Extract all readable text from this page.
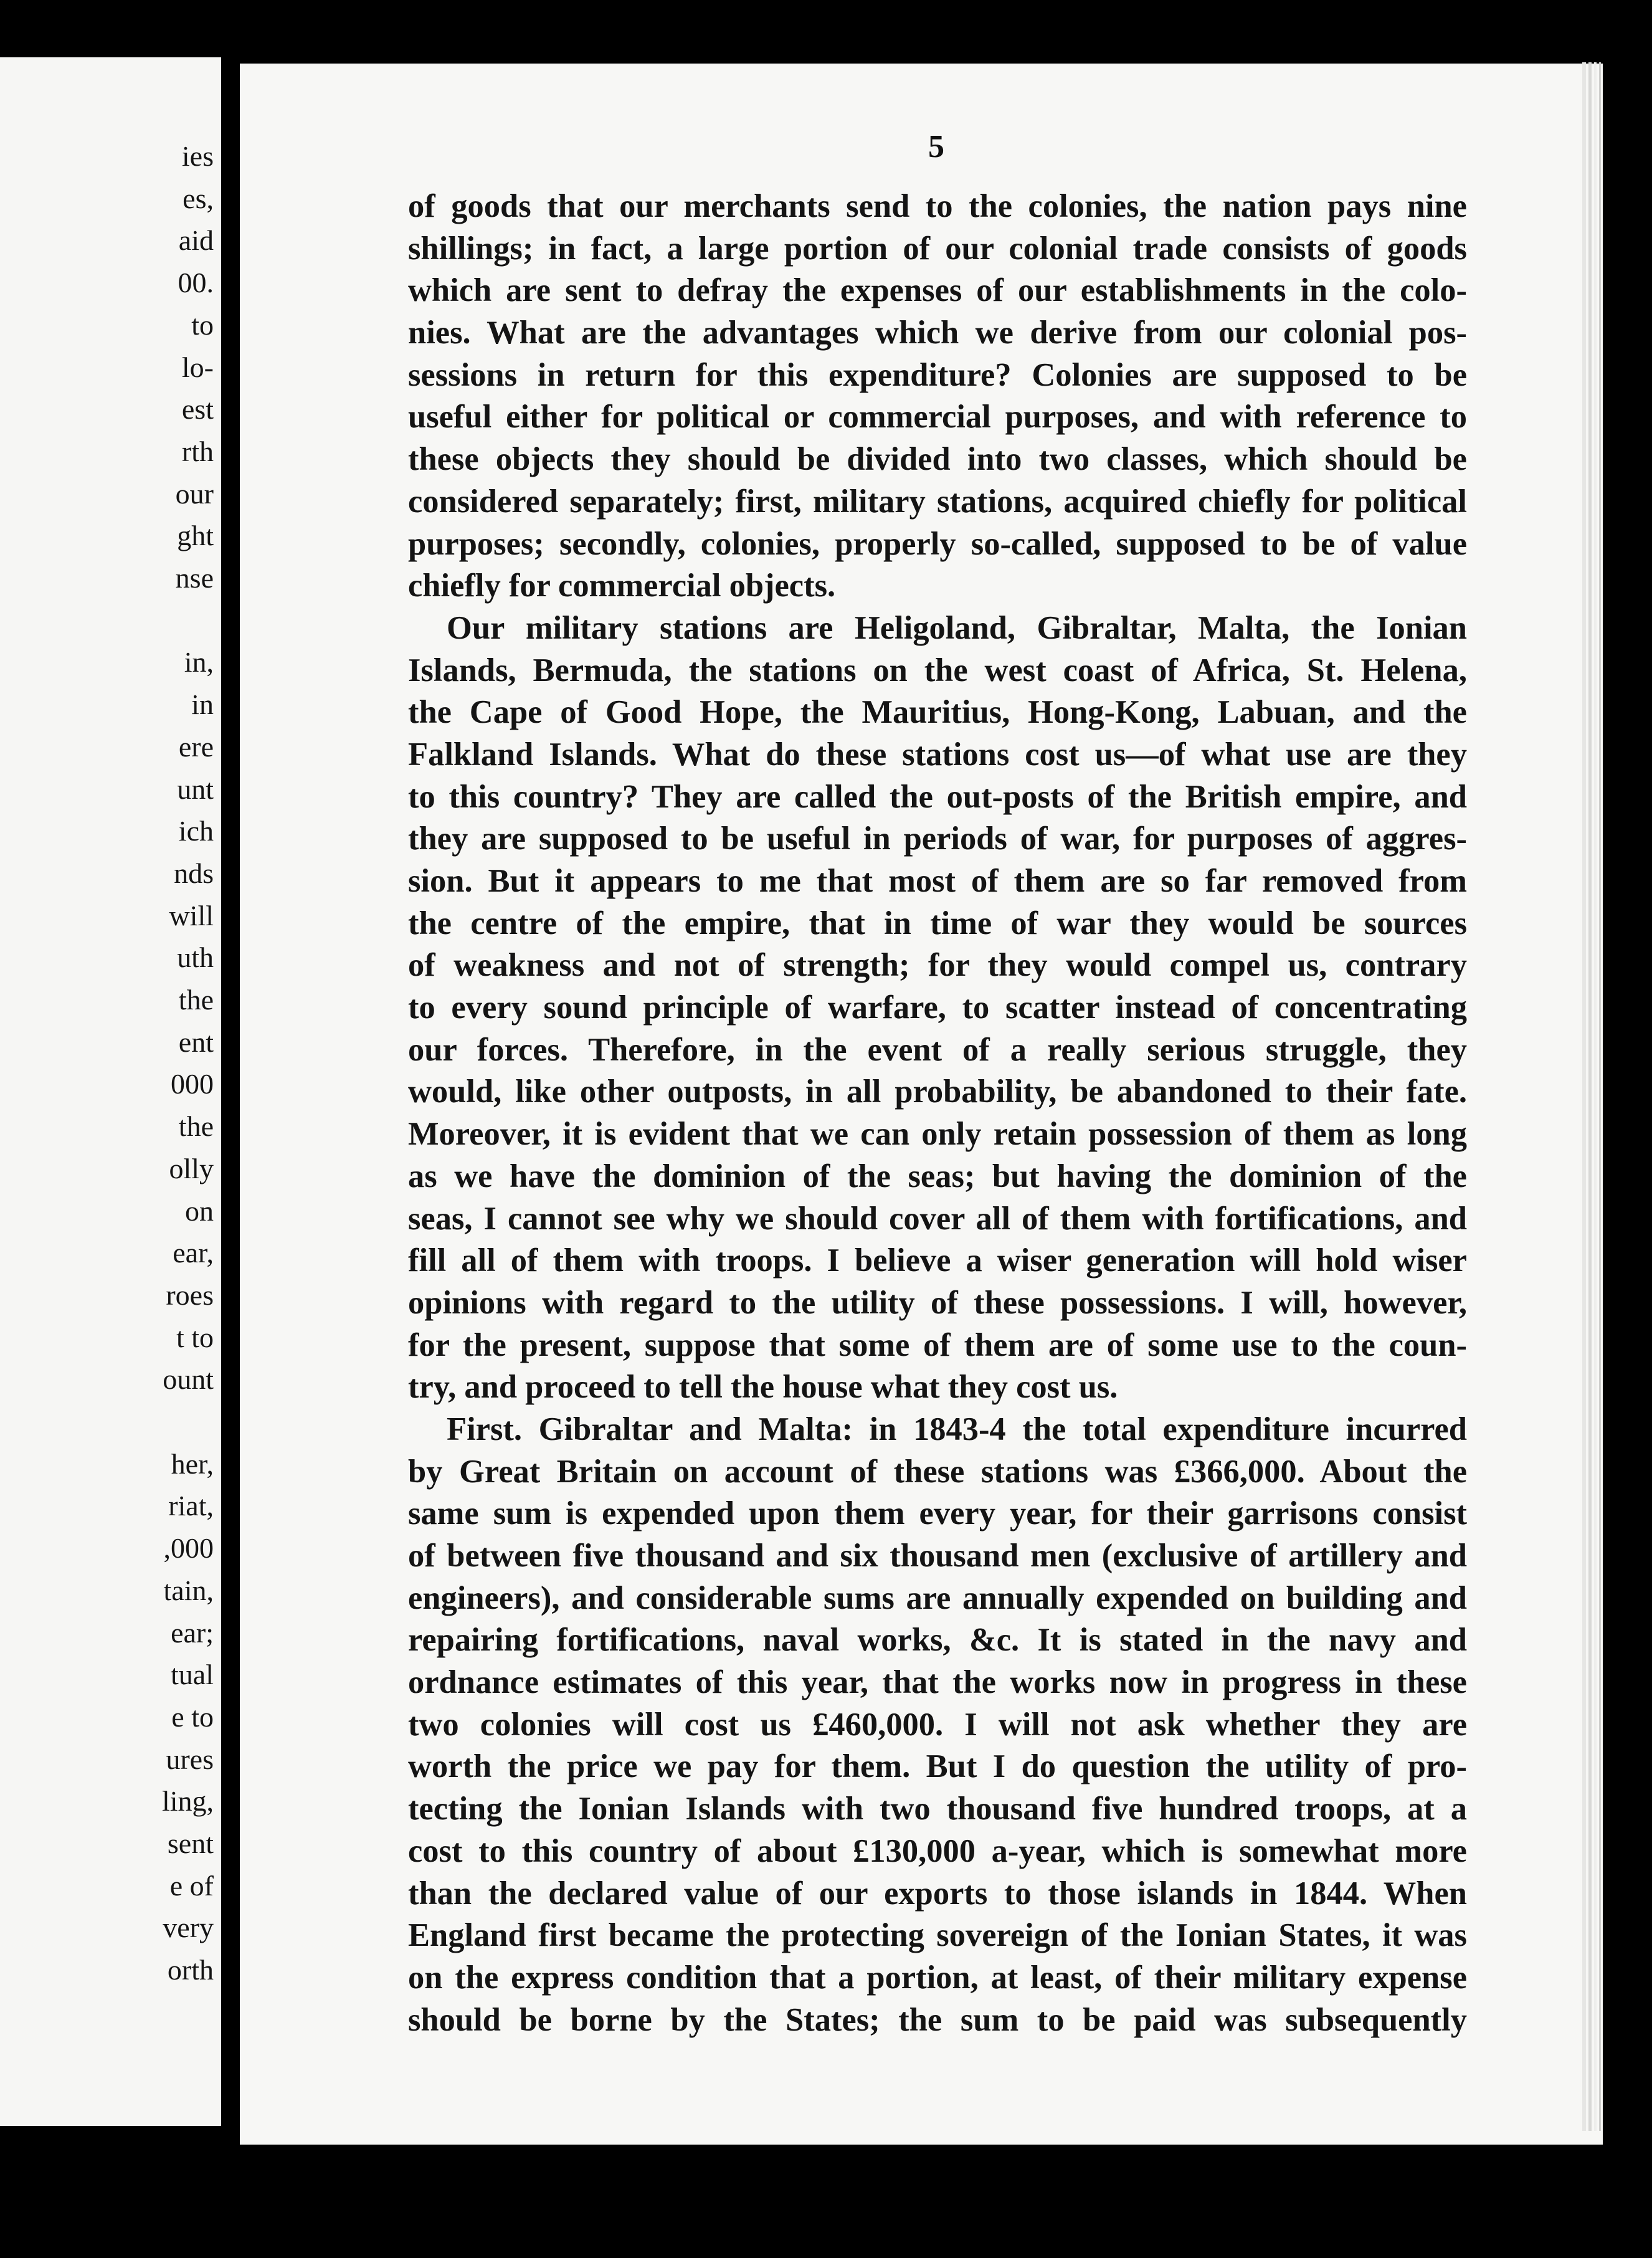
ies

es,

aid

00.

to

lo-

est

rth

our

ght

nse

in,

in

ere

unt

ich

nds

will

uth

the

ent

000

the

olly

on

ear,

roes

t to

ount

her,

riat,

,000

tain,

ear;

tual

e to

ures

ling,

sent

e of

very

orth

5

of goods that our merchants send to the colonies, the nation pays nine

shillings; in fact, a large portion of our colonial trade consists of goods

which are sent to defray the expenses of our establishments in the colo-

nies. What are the advantages which we derive from our colonial pos-

sessions in return for this expenditure? Colonies are supposed to be

useful either for political or commercial purposes, and with reference to

these objects they should be divided into two classes, which should be

considered separately; first, military stations, acquired chiefly for political

purposes; secondly, colonies, properly so-called, supposed to be of value

chiefly for commercial objects.

Our military stations are Heligoland, Gibraltar, Malta, the Ionian

Islands, Bermuda, the stations on the west coast of Africa, St. Helena,

the Cape of Good Hope, the Mauritius, Hong-Kong, Labuan, and the

Falkland Islands. What do these stations cost us—of what use are they

to this country? They are called the out-posts of the British empire, and

they are supposed to be useful in periods of war, for purposes of aggres-

sion. But it appears to me that most of them are so far removed from

the centre of the empire, that in time of war they would be sources

of weakness and not of strength; for they would compel us, contrary

to every sound principle of warfare, to scatter instead of concentrating

our forces. Therefore, in the event of a really serious struggle, they

would, like other outposts, in all probability, be abandoned to their fate.

Moreover, it is evident that we can only retain possession of them as long

as we have the dominion of the seas; but having the dominion of the

seas, I cannot see why we should cover all of them with fortifications, and

fill all of them with troops. I believe a wiser generation will hold wiser

opinions with regard to the utility of these possessions. I will, however,

for the present, suppose that some of them are of some use to the coun-

try, and proceed to tell the house what they cost us.

First. Gibraltar and Malta: in 1843-4 the total expenditure incurred

by Great Britain on account of these stations was £366,000. About the

same sum is expended upon them every year, for their garrisons consist

of between five thousand and six thousand men (exclusive of artillery and

engineers), and considerable sums are annually expended on building and

repairing fortifications, naval works, &c. It is stated in the navy and

ordnance estimates of this year, that the works now in progress in these

two colonies will cost us £460,000. I will not ask whether they are

worth the price we pay for them. But I do question the utility of pro-

tecting the Ionian Islands with two thousand five hundred troops, at a

cost to this country of about £130,000 a-year, which is somewhat more

than the declared value of our exports to those islands in 1844. When

England first became the protecting sovereign of the Ionian States, it was

on the express condition that a portion, at least, of their military expense

should be borne by the States; the sum to be paid was subsequently
